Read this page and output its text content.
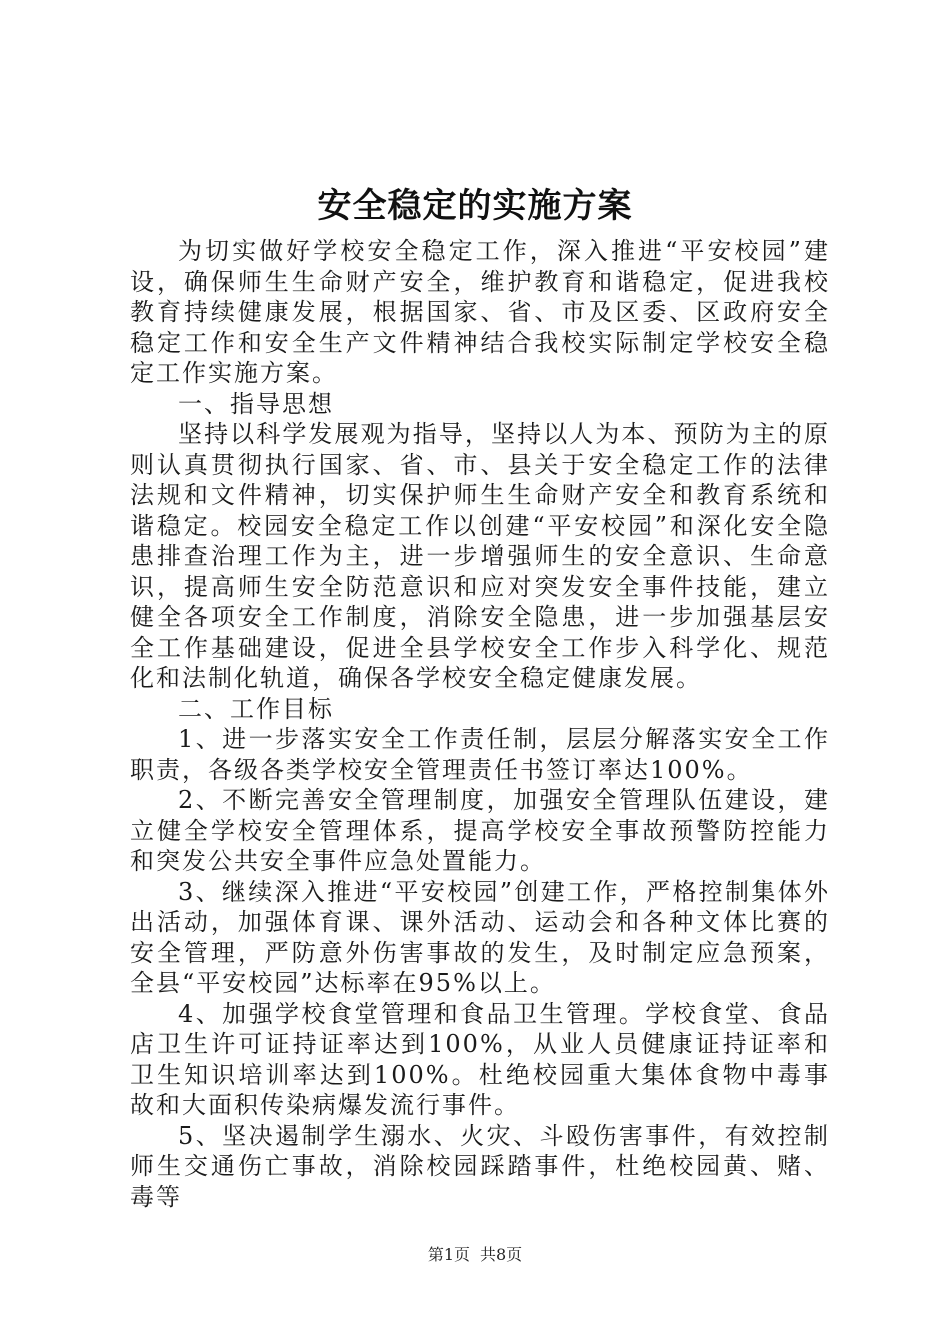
安全稳定的实施方案

为切实做好学校安全稳定工作，深入推进“平安校园”建设，确保师生生命财产安全，维护教育和谐稳定，促进我校教育持续健康发展，根据国家、省、市及区委、区政府安全稳定工作和安全生产文件精神结合我校实际制定学校安全稳定工作实施方案。

一、指导思想

坚持以科学发展观为指导，坚持以人为本、预防为主的原则认真贯彻执行国家、省、市、县关于安全稳定工作的法律法规和文件精神，切实保护师生生命财产安全和教育系统和谐稳定。校园安全稳定工作以创建“平安校园”和深化安全隐患排查治理工作为主，进一步增强师生的安全意识、生命意识，提高师生安全防范意识和应对突发安全事件技能，建立健全各项安全工作制度，消除安全隐患，进一步加强基层安全工作基础建设，促进全县学校安全工作步入科学化、规范化和法制化轨道，确保各学校安全稳定健康发展。

二、工作目标

1、进一步落实安全工作责任制，层层分解落实安全工作职责，各级各类学校安全管理责任书签订率达100%。

2、不断完善安全管理制度，加强安全管理队伍建设，建立健全学校安全管理体系，提高学校安全事故预警防控能力和突发公共安全事件应急处置能力。

3、继续深入推进“平安校园”创建工作，严格控制集体外出活动，加强体育课、课外活动、运动会和各种文体比赛的安全管理，严防意外伤害事故的发生，及时制定应急预案，全县“平安校园”达标率在95%以上。

4、加强学校食堂管理和食品卫生管理。学校食堂、食品店卫生许可证持证率达到100%，从业人员健康证持证率和卫生知识培训率达到100%。杜绝校园重大集体食物中毒事故和大面积传染病爆发流行事件。

5、坚决遏制学生溺水、火灾、斗殴伤害事件，有效控制师生交通伤亡事故，消除校园踩踏事件，杜绝校园黄、赌、毒等

第1页 共8页
